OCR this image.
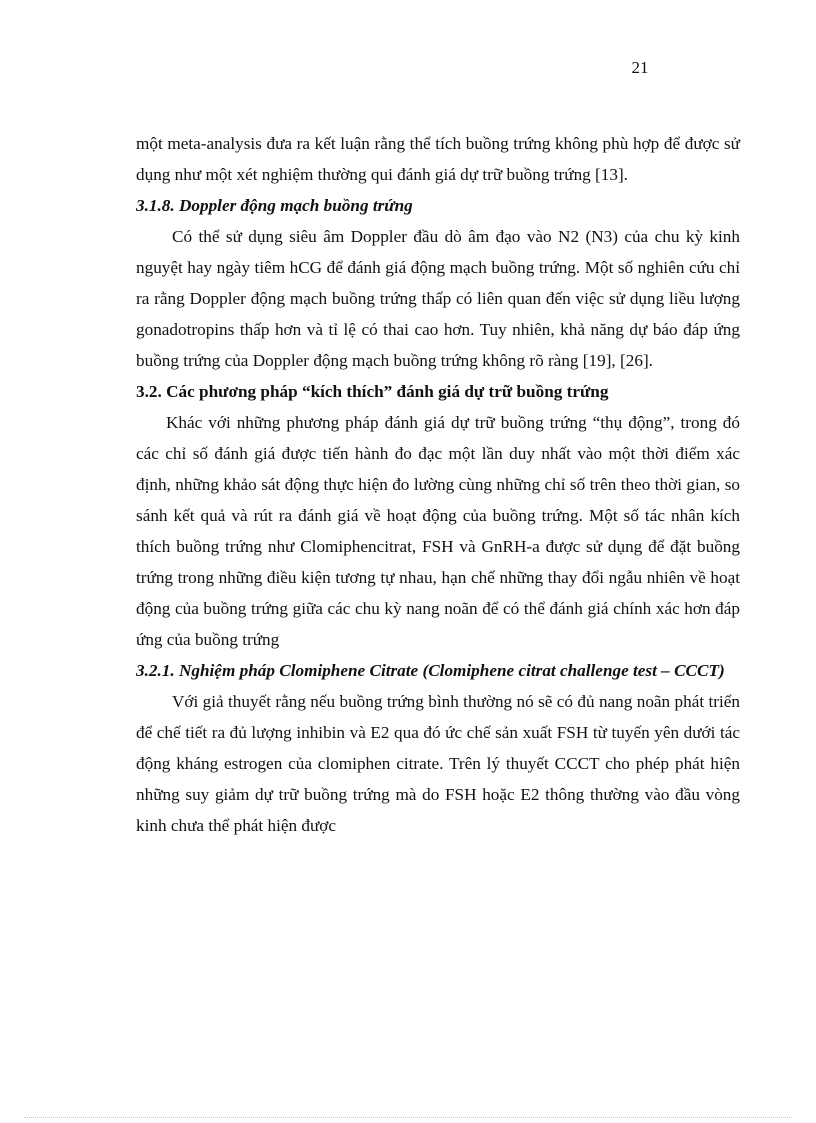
21

một meta-analysis đưa ra kết luận rằng thể tích buồng trứng không phù hợp để được sử dụng như một xét nghiệm thường qui đánh giá dự trữ buồng trứng [13].

3.1.8. Doppler động mạch buồng trứng

Có thể sử dụng siêu âm Doppler đầu dò âm đạo vào N2 (N3) của chu kỳ kinh nguyệt hay ngày tiêm hCG để đánh giá động mạch buồng trứng. Một số nghiên cứu chỉ ra rằng Doppler động mạch buồng trứng thấp có liên quan đến việc sử dụng liều lượng gonadotropins thấp hơn và tỉ lệ có thai cao hơn. Tuy nhiên, khả năng dự báo đáp ứng buồng trứng của Doppler động mạch buồng trứng không rõ ràng [19], [26].

3.2. Các phương pháp “kích thích” đánh giá dự trữ buồng trứng

Khác với những phương pháp đánh giá dự trữ buồng trứng “thụ động”, trong đó các chỉ số đánh giá được tiến hành đo đạc một lần duy nhất vào một thời điểm xác định, những khảo sát động thực hiện đo lường cùng những chỉ số trên theo thời gian, so sánh kết quả và rút ra đánh giá về hoạt động của buồng trứng. Một số tác nhân kích thích buồng trứng như Clomiphencitrat, FSH và GnRH-a được sử dụng để đặt buồng trứng trong những điều kiện tương tự nhau, hạn chế những thay đổi ngẫu nhiên về hoạt động của buồng trứng giữa các chu kỳ nang noãn để có thể đánh giá chính xác hơn đáp ứng của buồng trứng

3.2.1. Nghiệm pháp Clomiphene Citrate (Clomiphene citrat challenge test – CCCT)

Với giả thuyết rằng nếu buồng trứng bình thường nó sẽ có đủ nang noãn phát triển để chế tiết ra đủ lượng inhibin và E2 qua đó ức chế sản xuất FSH từ tuyến yên dưới tác động kháng estrogen của clomiphen citrate. Trên lý thuyết CCCT cho phép phát hiện những suy giảm dự trữ buồng trứng mà do FSH hoặc E2 thông thường vào đầu vòng kinh chưa thể phát hiện được
